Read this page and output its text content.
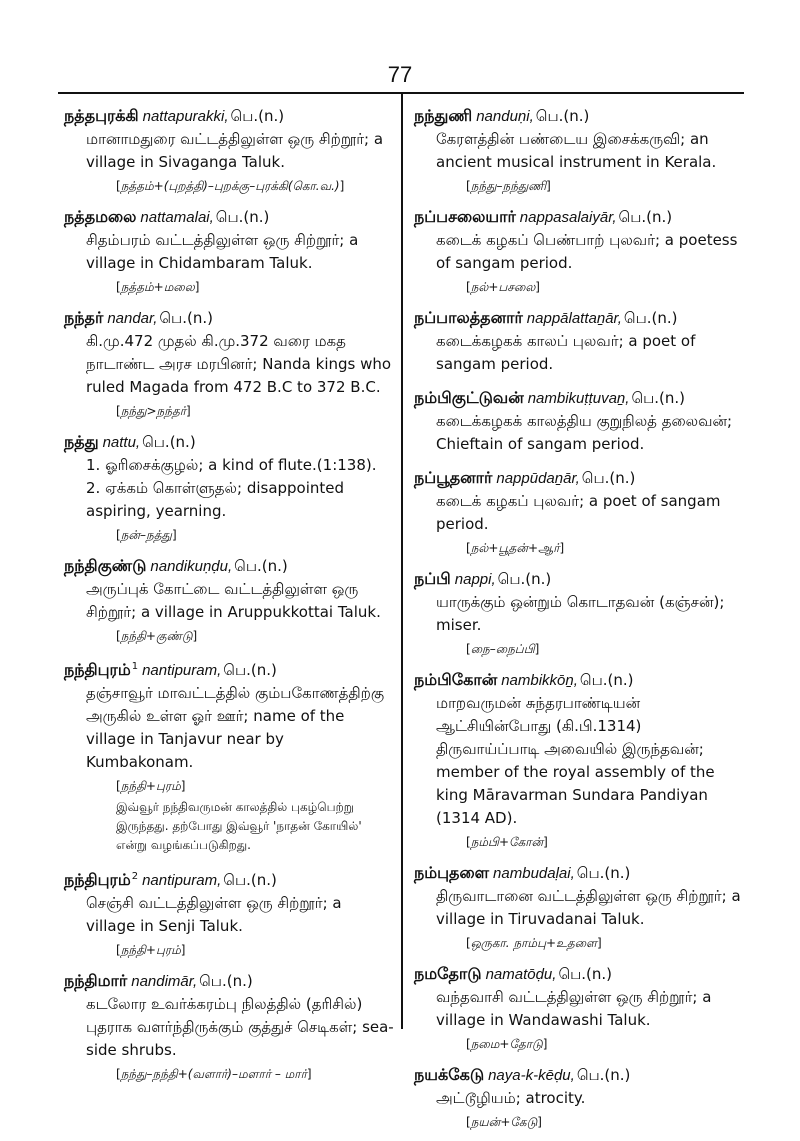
77
நத்தபுரக்கி nattapurakki, பெ.(n.)
மானாமதுரை வட்டத்திலுள்ள ஒரு சிற்றூர்; a village in Sivaganga Taluk.
[ நத்தம்+(புறத்தி)–புறக்கு–புரக்கி(கொ.வ.) ]
நத்தமலை nattamalai, பெ.(n.)
சிதம்பரம் வட்டத்திலுள்ள ஒரு சிற்றூர்; a village in Chidambaram Taluk.
[ நத்தம்+மலை ]
நந்தர் nandar, பெ.(n.)
கி.மு.472 முதல் கி.மு.372 வரை மகத நாடாண்ட அரச மரபினர்; Nanda kings who ruled Magada from 472 B.C to 372 B.C.
[ நந்து>நந்தர் ]
நத்து nattu, பெ.(n.)
1. ஓரிசைக்குழல்; a kind of flute.(1:138). 2. ஏக்கம் கொள்ளுதல்; disappointed aspiring, yearning.
[ நன்–நத்து ]
நந்திகுண்டு nandikuṇḍu, பெ.(n.)
அருப்புக் கோட்டை வட்டத்திலுள்ள ஒரு சிற்றூர்; a village in Aruppukkottai Taluk.
[ நந்தி+குண்டு ]
நந்திபுரம்$^1$ nantipuram, பெ.(n.)
தஞ்சாவூர் மாவட்டத்தில் கும்பகோணத்திற்கு அருகில் உள்ள ஓர் ஊர்; name of the village in Tanjavur near by Kumbakonam.
[ நந்தி+புரம் ]
இவ்வூர் நந்திவருமன் காலத்தில் புகழ்பெற்று இருந்தது. தற்போது இவ்வூர் 'நாதன் கோயில்' என்று வழங்கப்படுகிறது.
நந்திபுரம்$^2$ nantipuram, பெ.(n.)
செஞ்சி வட்டத்திலுள்ள ஒரு சிற்றூர்; a village in Senji Taluk.
[ நந்தி+புரம் ]
நந்திமார் nandimār, பெ.(n.)
கடலோர உவர்க்கரம்பு நிலத்தில் (தரிசில்) புதராக வளர்ந்திருக்கும் குத்துச் செடிகள்; sea-side shrubs.
[ நந்து–நந்தி+(வளார்)–மளார் – மார் ]
நந்துணி nanduṇi, பெ.(n.)
கேரளத்தின் பண்டைய இசைக்கருவி; an ancient musical instrument in Kerala.
[ நந்து–நந்துணி ]
நப்பசலையார் nappasalaiyār, பெ.(n.)
கடைக் கழகப் பெண்பாற் புலவர்; a poetess of sangam period.
[ நல்+பசலை ]
நப்பாலத்தனார் nappālattaṉār, பெ.(n.)
கடைக்கழகக் காலப் புலவர்; a poet of sangam period.
நம்பிகுட்டுவன் nambikuṭṭuvaṉ, பெ.(n.)
கடைக்கழகக் காலத்திய குறுநிலத் தலைவன்; Chieftain of sangam period.
நப்பூதனார் nappūdaṉār, பெ.(n.)
கடைக் கழகப் புலவர்; a poet of sangam period.
[ நல்+பூதன்+ஆர் ]
நப்பி nappi, பெ.(n.)
யாருக்கும் ஒன்றும் கொடாதவன் (கஞ்சன்); miser.
[ நை–நைப்பி ]
நம்பிகோன் nambikkōṉ, பெ.(n.)
மாறவருமன் சுந்தரபாண்டியன் ஆட்சியின்போது (கி.பி.1314) திருவாய்ப்பாடி அவையில் இருந்தவன்; member of the royal assembly of the king Māravarman Sundara Pandiyan (1314 AD).
[ நம்பி+கோன் ]
நம்புதளை nambudaḷai, பெ.(n.)
திருவாடானை வட்டத்திலுள்ள ஒரு சிற்றூர்; a village in Tiruvadanai Taluk.
[ ஒருகா. நாம்பு+உதளை ]
நமதோடு namatōḍu, பெ.(n.)
வந்தவாசி வட்டத்திலுள்ள ஒரு சிற்றூர்; a village in Wandawashi Taluk.
[ நமை+தோடு ]
நயக்கேடு naya-k-kēḍu, பெ.(n.)
அட்டூழியம்; atrocity.
[ நயன்+கேடு ]
